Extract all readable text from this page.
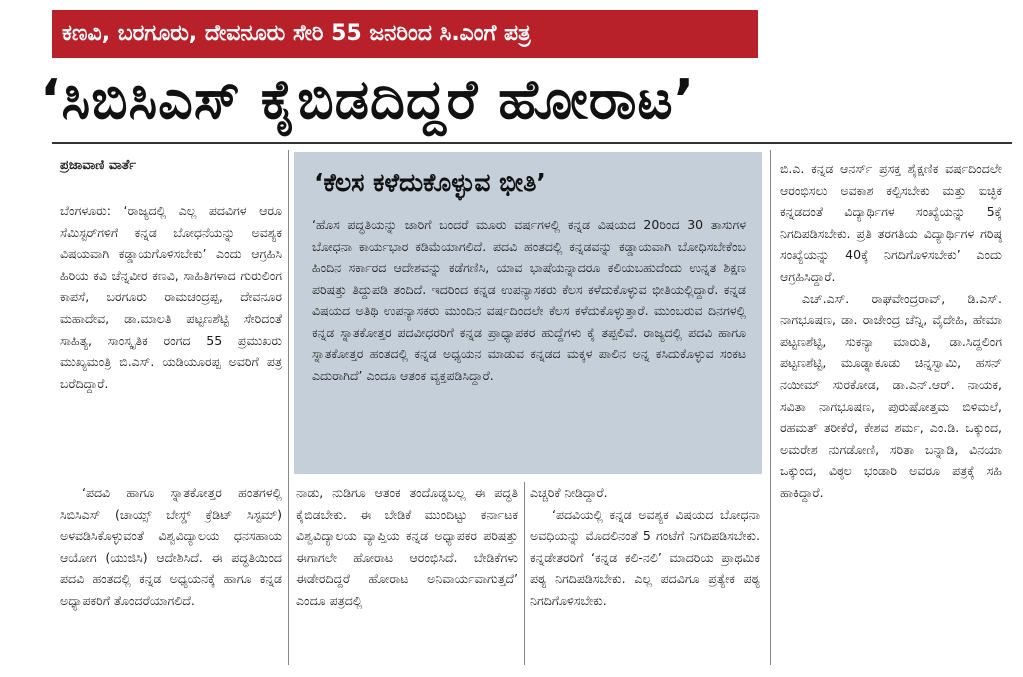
ಕಣವಿ, ಬರಗೂರು, ದೇವನೂರು ಸೇರಿ 55 ಜನರಿಂದ ಸಿ.ಎಂಗೆ ಪತ್ರ
‘ಸಿಬಿಸಿಎಸ್ ಕೈಬಿಡದಿದ್ದರೆ ಹೋರಾಟ’
ಪ್ರಜಾವಾಣಿ ವಾರ್ತೆ

ಬೆಂಗಳೂರು: ‘ರಾಜ್ಯದಲ್ಲಿ ಎಲ್ಲ ಪದವಿಗಳ ಆರೂ ಸೆಮಿಸ್ಟರ್‌ಗಳಿಗೆ ಕನ್ನಡ ಬೋಧನೆಯನ್ನು ಅವಶ್ಯಕ ವಿಷಯವಾಗಿ ಕಡ್ಡಾಯಗೊಳಿಸಬೇಕು’ ಎಂದು ಆಗ್ರಹಿಸಿ ಹಿರಿಯ ಕವಿ ಚೆನ್ನವೀರ ಕಣವಿ, ಸಾಹಿತಿಗಳಾದ ಗುರುಲಿಂಗ ಕಾಪಸೆ, ಬರಗೂರು ರಾಮಚಂದ್ರಪ್ಪ, ದೇವನೂರ ಮಹಾದೇವ, ಡಾ.ಮಾಲತಿ ಪಟ್ಟಣಶೆಟ್ಟಿ ಸೇರಿದಂತೆ ಸಾಹಿತ್ಯ, ಸಾಂಸ್ಕೃತಿಕ ರಂಗದ 55 ಪ್ರಮುಖರು ಮುಖ್ಯಮಂತ್ರಿ ಬಿ.ಎಸ್. ಯಡಿಯೂರಪ್ಪ ಅವರಿಗೆ ಪತ್ರ ಬರೆದಿದ್ದಾರೆ.

‘ಪದವಿ ಹಾಗೂ ಸ್ನಾತಕೋತ್ತರ ಹಂತಗಳಲ್ಲಿ ಸಿಬಿಸಿಎಸ್ (ಚಾಯ್ಸ್ ಬೇಸ್ಡ್ ಕ್ರೆಡಿಟ್ ಸಿಸ್ಟಮ್) ಅಳವಡಿಸಿಕೊಳ್ಳುವಂತೆ ವಿಶ್ವವಿದ್ಯಾಲಯ ಧನಸಹಾಯ ಆಯೋಗ (ಯುಜಿಸಿ) ಆದೇಶಿಸಿದೆ. ಈ ಪದ್ಧತಿಯಿಂದ ಪದವಿ ಹಂತದಲ್ಲಿ ಕನ್ನಡ ಅಧ್ಯಯನಕ್ಕೆ ಹಾಗೂ ಕನ್ನಡ ಅಧ್ಯಾಪಕರಿಗೆ ತೊಂದರೆಯಾಗಲಿದೆ.

‘ಕೆಲಸ ಕಳೆದುಕೊಳ್ಳುವ ಭೀತಿ’

‘ಹೊಸ ಪದ್ಧತಿಯನ್ನು ಜಾರಿಗೆ ಬಂದರೆ ಮೂರು ವರ್ಷಗಳಲ್ಲಿ ಕನ್ನಡ ವಿಷಯದ 20ರಿಂದ 30 ತಾಸುಗಳ ಬೋಧನಾ ಕಾರ್ಯಭಾರ ಕಡಿಮೆಯಾಗಲಿದೆ. ಪದವಿ ಹಂತದಲ್ಲಿ ಕನ್ನಡವನ್ನು ಕಡ್ಡಾಯವಾಗಿ ಬೋಧಿಸಬೇಕೆಂಬ ಹಿಂದಿನ ಸರ್ಕಾರದ ಆದೇಶವನ್ನು ಕಡೆಗಣಿಸಿ, ಯಾವ ಭಾಷೆಯನ್ನಾದರೂ ಕಲಿಯಬಹುದೆಂದು ಉನ್ನತ ಶಿಕ್ಷಣ ಪರಿಷತ್ತು ತಿದ್ದುಪಡಿ ತಂದಿದೆ. ಇದರಿಂದ ಕನ್ನಡ ಉಪನ್ಯಾಸಕರು ಕೆಲಸ ಕಳೆದುಕೊಳ್ಳುವ ಭೀತಿಯಲ್ಲಿದ್ದಾರೆ. ಕನ್ನಡ ವಿಷಯದ ಅತಿಥಿ ಉಪನ್ಯಾಸಕರು ಮುಂದಿನ ವರ್ಷದಿಂದಲೇ ಕೆಲಸ ಕಳೆದುಕೊಳ್ಳುತ್ತಾರೆ. ಮುಂಬರುವ ದಿನಗಳಲ್ಲಿ ಕನ್ನಡ ಸ್ನಾತಕೋತ್ತರ ಪದವೀಧರರಿಗೆ ಕನ್ನಡ ಪ್ರಾಧ್ಯಾಪಕರ ಹುದ್ದೆಗಳು ಕೈ ತಪ್ಪಲಿವೆ. ರಾಜ್ಯದಲ್ಲಿ ಪದವಿ ಹಾಗೂ ಸ್ನಾತಕೋತ್ತರ ಹಂತದಲ್ಲಿ ಕನ್ನಡ ಅಧ್ಯಯನ ಮಾಡುವ ಕನ್ನಡದ ಮಕ್ಕಳ ಪಾಲಿನ ಅನ್ನ ಕಸಿದುಕೊಳ್ಳುವ ಸಂಕಟ ಎದುರಾಗಿದೆ’ ಎಂದೂ ಆತಂಕ ವ್ಯಕ್ತಪಡಿಸಿದ್ದಾರೆ.

ನಾಡು, ನುಡಿಗೂ ಆತಂಕ ತಂದೊಡ್ಡಬಲ್ಲ ಈ ಪದ್ಧತಿ ಕೈಬಿಡಬೇಕು. ಈ ಬೇಡಿಕೆ ಮುಂದಿಟ್ಟು ಕರ್ನಾಟಕ ವಿಶ್ವವಿದ್ಯಾಲಯ ವ್ಯಾಪ್ತಿಯ ಕನ್ನಡ ಅಧ್ಯಾಪಕರ ಪರಿಷತ್ತು ಈಗಾಗಲೇ ಹೋರಾಟ ಆರಂಭಿಸಿದೆ. ಬೇಡಿಕೆಗಳು ಈಡೇರದಿದ್ದರೆ ಹೋರಾಟ ಅನಿವಾರ್ಯವಾಗುತ್ತದೆ’ ಎಂದೂ ಪತ್ರದಲ್ಲಿ

ಎಚ್ಚರಿಕೆ ನೀಡಿದ್ದಾರೆ.

‘ಪದವಿಯಲ್ಲಿ ಕನ್ನಡ ಅವಶ್ಯಕ ವಿಷಯದ ಬೋಧನಾ ಅವಧಿಯನ್ನು ಮೊದಲಿನಂತೆ 5 ಗಂಟೆಗೆ ನಿಗದಿಪಡಿಸಬೇಕು. ಕನ್ನಡೇತರರಿಗೆ ‘ಕನ್ನಡ ಕಲಿ-ನಲಿ’ ಮಾದರಿಯ ಪ್ರಾಥಮಿಕ ಪಠ್ಯ ನಿಗದಿಪಡಿಸಬೇಕು. ಎಲ್ಲ ಪದವಿಗೂ ಪ್ರತ್ಯೇಕ ಪಠ್ಯ ನಿಗದಿಗೊಳಿಸಬೇಕು.

ಬಿ.ಎ. ಕನ್ನಡ ಆನರ್ಸ್ ಪ್ರಸಕ್ತ ಶೈಕ್ಷಣಿಕ ವರ್ಷದಿಂದಲೇ ಆರಂಭಿಸಲು ಅವಕಾಶ ಕಲ್ಪಿಸಬೇಕು ಮತ್ತು ಐಚ್ಛಿಕ ಕನ್ನಡದಂತೆ ವಿದ್ಯಾರ್ಥಿಗಳ ಸಂಖ್ಯೆಯನ್ನು 5ಕ್ಕೆ ನಿಗದಿಪಡಿಸಬೇಕು. ಪ್ರತಿ ತರಗತಿಯ ವಿದ್ಯಾರ್ಥಿಗಳ ಗರಿಷ್ಠ ಸಂಖ್ಯೆಯನ್ನು 40ಕ್ಕೆ ನಿಗದಿಗೊಳಿಸಬೇಕು’ ಎಂದು ಆಗ್ರಹಿಸಿದ್ದಾರೆ.

ಎಚ್.ಎಸ್. ರಾಘವೇಂದ್ರರಾವ್, ಡಿ.ಎಸ್. ನಾಗಭೂಷಣ, ಡಾ. ರಾಜೇಂದ್ರ ಚೆನ್ನಿ, ವೈದೇಹಿ, ಹೇಮಾ ಪಟ್ಟಣಶೆಟ್ಟಿ, ಸುಕನ್ಯಾ ಮಾರುತಿ, ಡಾ.ಸಿದ್ದಲಿಂಗ ಪಟ್ಟಣಶೆಟ್ಟಿ, ಮೂಡ್ನಾಕೂಡು ಚಿನ್ನಸ್ವಾಮಿ, ಹಸನ್ ನಯೀಮ್ ಸುರಕೋಡ, ಡಾ.ಎನ್.ಆರ್. ನಾಯಕ, ಸವಿತಾ ನಾಗಭೂಷಣ, ಪುರುಷೋತ್ತಮ ಬಿಳಿಮಲೆ, ರಹಮತ್ ತರೀಕೆರೆ, ಕೇಶವ ಶರ್ಮ, ಎಂ.ಡಿ. ಒಕ್ಕುಂದ, ಅಮರೇಶ ನುಗಡೋಣಿ, ಸರಿತಾ ಬನ್ನಾಡಿ, ವಿನಯಾ ಒಕ್ಕುಂದ, ವಿಠ್ಠಲ ಭಂಡಾರಿ ಅವರೂ ಪತ್ರಕ್ಕೆ ಸಹಿ ಹಾಕಿದ್ದಾರೆ.
